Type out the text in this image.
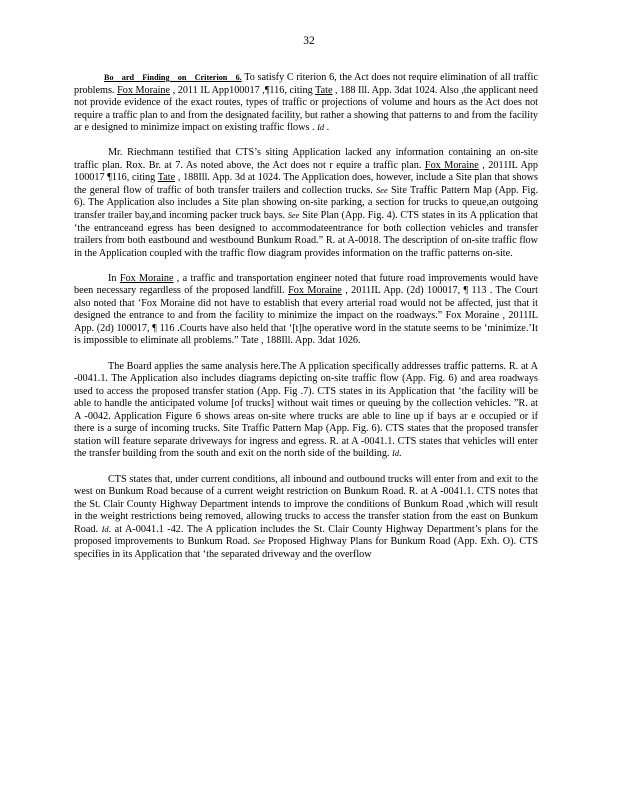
32

Bo ard Finding on Criterion 6. To satisfy C riterion 6, the Act does not require elimination of all traffic problems. Fox Moraine , 2011 IL App100017 ,¶116, citing Tate , 188 Ill. App. 3dat 1024. Also ,the applicant need not provide evidence of the exact routes, types of traffic or projections of volume and hours as the Act does not require a traffic plan to and from the designated facility, but rather a showing that patterns to and from the facility ar e designed to minimize impact on existing traffic flows . Id .

Mr. Riechmann testified that CTS’s siting Application lacked any information containing an on-site traffic plan. Rox. Br. at 7. As noted above, the Act does not r equire a traffic plan. Fox Moraine , 2011IL App 100017 ¶116, citing Tate , 188Ill. App. 3d at 1024. The Application does, however, include a Site plan that shows the general flow of traffic of both transfer trailers and collection trucks. See Site Traffic Pattern Map (App. Fig. 6). The Application also includes a Site plan showing on-site parking, a section for trucks to queue,an outgoing transfer trailer bay,and incoming packer truck bays. See Site Plan (App. Fig. 4). CTS states in its A pplication that ‘the entranceand egress has been designed to accommodateentrance for both collection vehicles and transfer trailers from both eastbound and westbound Bunkum Road.” R. at A-0018. The description of on-site traffic flow in the Application coupled with the traffic flow diagram provides information on the traffic patterns on-site.

In Fox Moraine , a traffic and transportation engineer noted that future road improvements would have been necessary regardless of the proposed landfill. Fox Moraine , 2011IL App. (2d) 100017, ¶ 113 . The Court also noted that ‘Fox Moraine did not have to establish that every arterial road would not be affected, just that it designed the entrance to and from the facility to minimize the impact on the roadways.” Fox Moraine , 2011IL App. (2d) 100017, ¶ 116 .Courts have also held that ‘[t]he operative word in the statute seems to be ‘minimize.’It is impossible to eliminate all problems.” Tate , 188Ill. App. 3dat 1026.

The Board applies the same analysis here.The A pplication specifically addresses traffic patterns. R. at A -0041.1. The Application also includes diagrams depicting on-site traffic flow (App. Fig. 6) and area roadways used to access the proposed transfer station (App. Fig .7). CTS states in its Application that ‘the facility will be able to handle the anticipated volume [of trucks] without wait times or queuing by the collection vehicles. ”R. at A -0042. Application Figure 6 shows areas on-site where trucks are able to line up if bays ar e occupied or if there is a surge of incoming trucks. Site Traffic Pattern Map (App. Fig. 6). CTS states that the proposed transfer station will feature separate driveways for ingress and egress. R. at A -0041.1. CTS states that vehicles will enter the transfer building from the south and exit on the north side of the building. Id.

CTS states that, under current conditions, all inbound and outbound trucks will enter from and exit to the west on Bunkum Road because of a current weight restriction on Bunkum Road. R. at A -0041.1. CTS notes that the St. Clair County Highway Department intends to improve the conditions of Bunkum Road ,which will result in the weight restrictions being removed, allowing trucks to access the transfer station from the east on Bunkum Road. Id. at A-0041.1 -42. The A pplication includes the St. Clair County Highway Department’s plans for the proposed improvements to Bunkum Road. See Proposed Highway Plans for Bunkum Road (App. Exh. O). CTS specifies in its Application that ‘the separated driveway and the overflow
